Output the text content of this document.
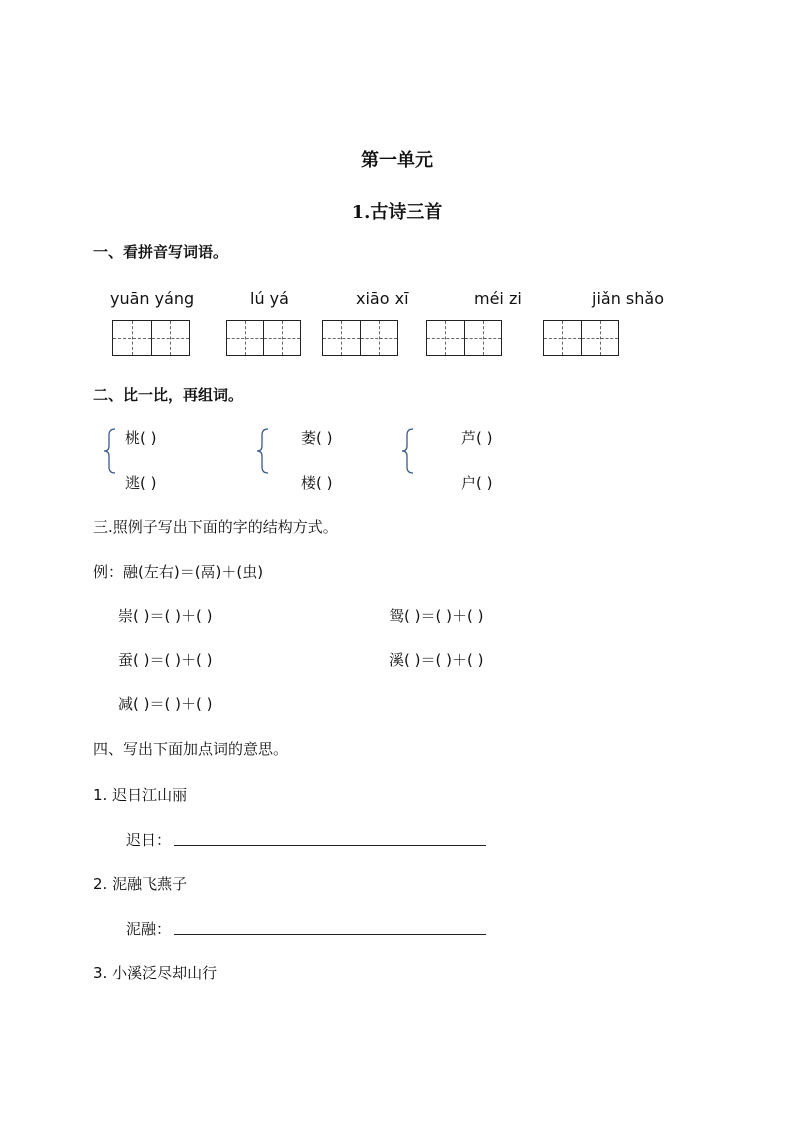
第一单元
1.古诗三首
一、看拼音写词语。
yuān yáng	lú yá	xiāo xī	méi zi	jiǎn shǎo
二、比一比，再组词。
桃( )
逃( )
萎( )
楼( )
芦( )
户( )
三.照例子写出下面的字的结构方式。
例：融(左右)＝(鬲)＋(虫)
崇( )＝( )＋( )	鸳( )＝( )＋( )
蚕( )＝( )＋( )	溪( )＝( )＋( )
减( )＝( )＋( )
四、写出下面加点词的意思。
1. 迟日江山丽
迟日：
2. 泥融飞燕子
泥融：
3. 小溪泛尽却山行
